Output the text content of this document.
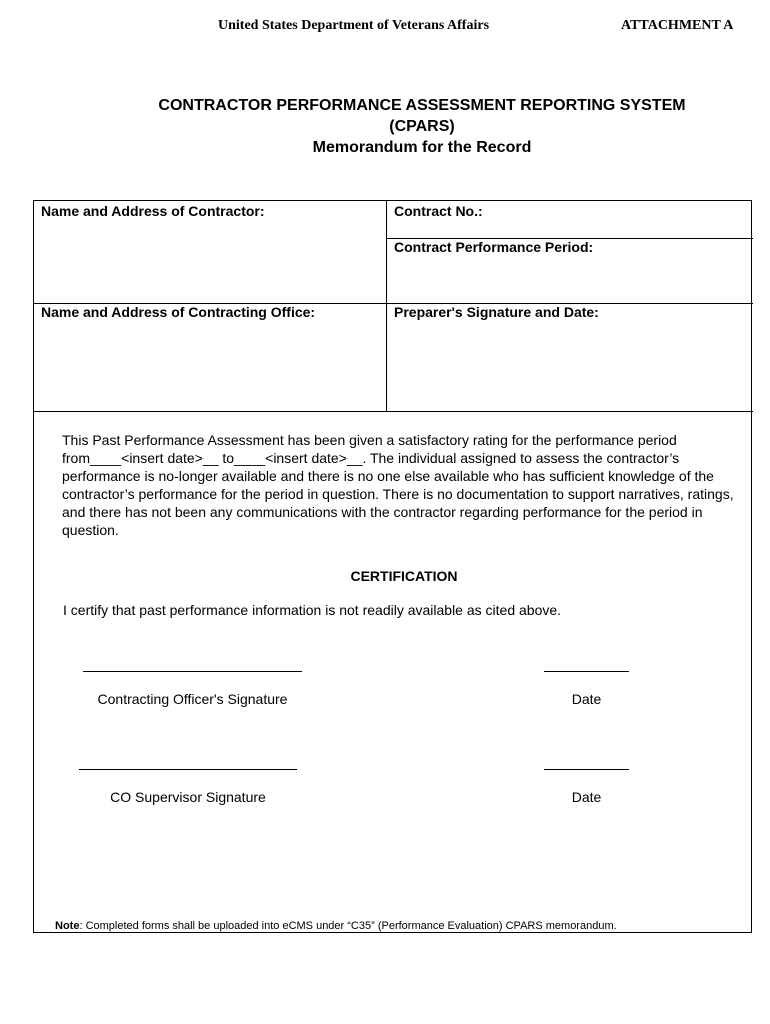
United States Department of Veterans Affairs	ATTACHMENT A
CONTRACTOR PERFORMANCE ASSESSMENT REPORTING SYSTEM
(CPARS)
Memorandum for the Record
Name and Address of Contractor:	Contract No.:
Contract Performance Period:
Name and Address of Contracting Office:	Preparer's Signature and Date:
This Past Performance Assessment has been given a satisfactory rating for the performance period from____<insert date>__ to____<insert date>__. The individual assigned to assess the contractor’s performance is no-longer available and there is no one else available who has sufficient knowledge of the contractor’s performance for the period in question. There is no documentation to support narratives, ratings, and there has not been any communications with the contractor regarding performance for the period in question.
CERTIFICATION
I certify that past performance information is not readily available as cited above.
Contracting Officer's Signature	Date
CO Supervisor Signature	Date
Note: Completed forms shall be uploaded into eCMS under “C35” (Performance Evaluation) CPARS memorandum.
